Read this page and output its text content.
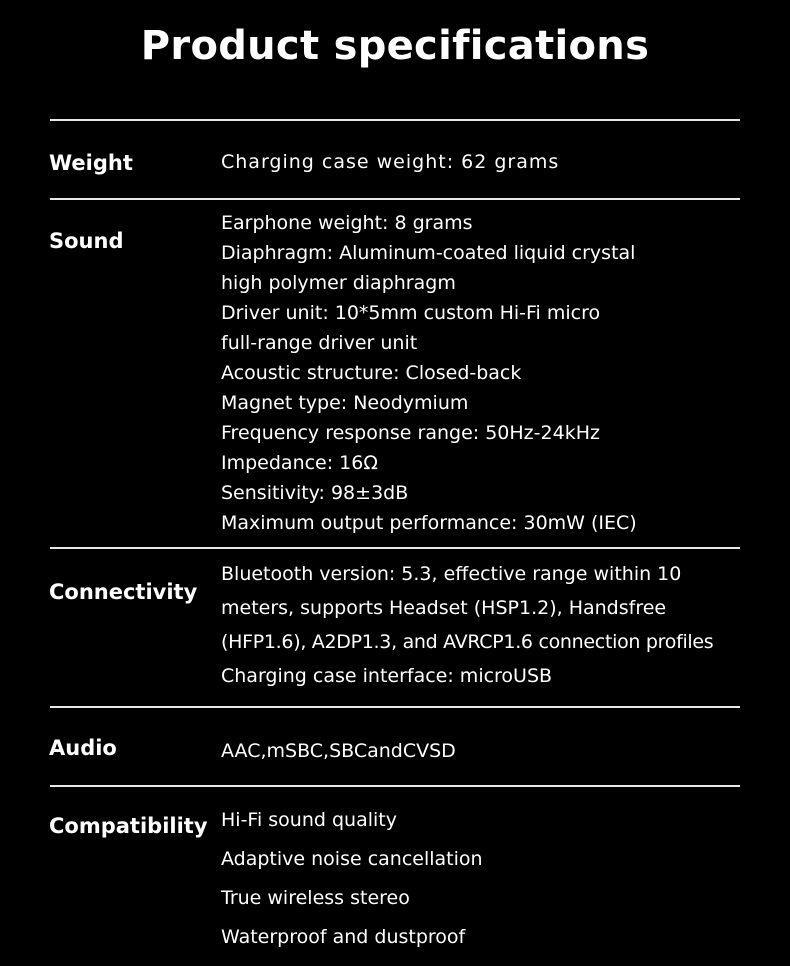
Product specifications
Weight	Charging case weight: 62 grams
Sound
Earphone weight: 8 grams
Diaphragm: Aluminum-coated liquid crystal
high polymer diaphragm
Driver unit: 10*5mm custom Hi-Fi micro
full-range driver unit
Acoustic structure: Closed-back
Magnet type: Neodymium
Frequency response range: 50Hz-24kHz
Impedance: 16Ω
Sensitivity: 98±3dB
Maximum output performance: 30mW (IEC)
Connectivity
Bluetooth version: 5.3, effective range within 10
meters, supports Headset (HSP1.2), Handsfree
(HFP1.6), A2DP1.3, and AVRCP1.6 connection profiles
Charging case interface: microUSB
Audio	AAC,mSBC,SBCandCVSD
Compatibility Hi-Fi sound quality
Adaptive noise cancellation
True wireless stereo
Waterproof and dustproof
